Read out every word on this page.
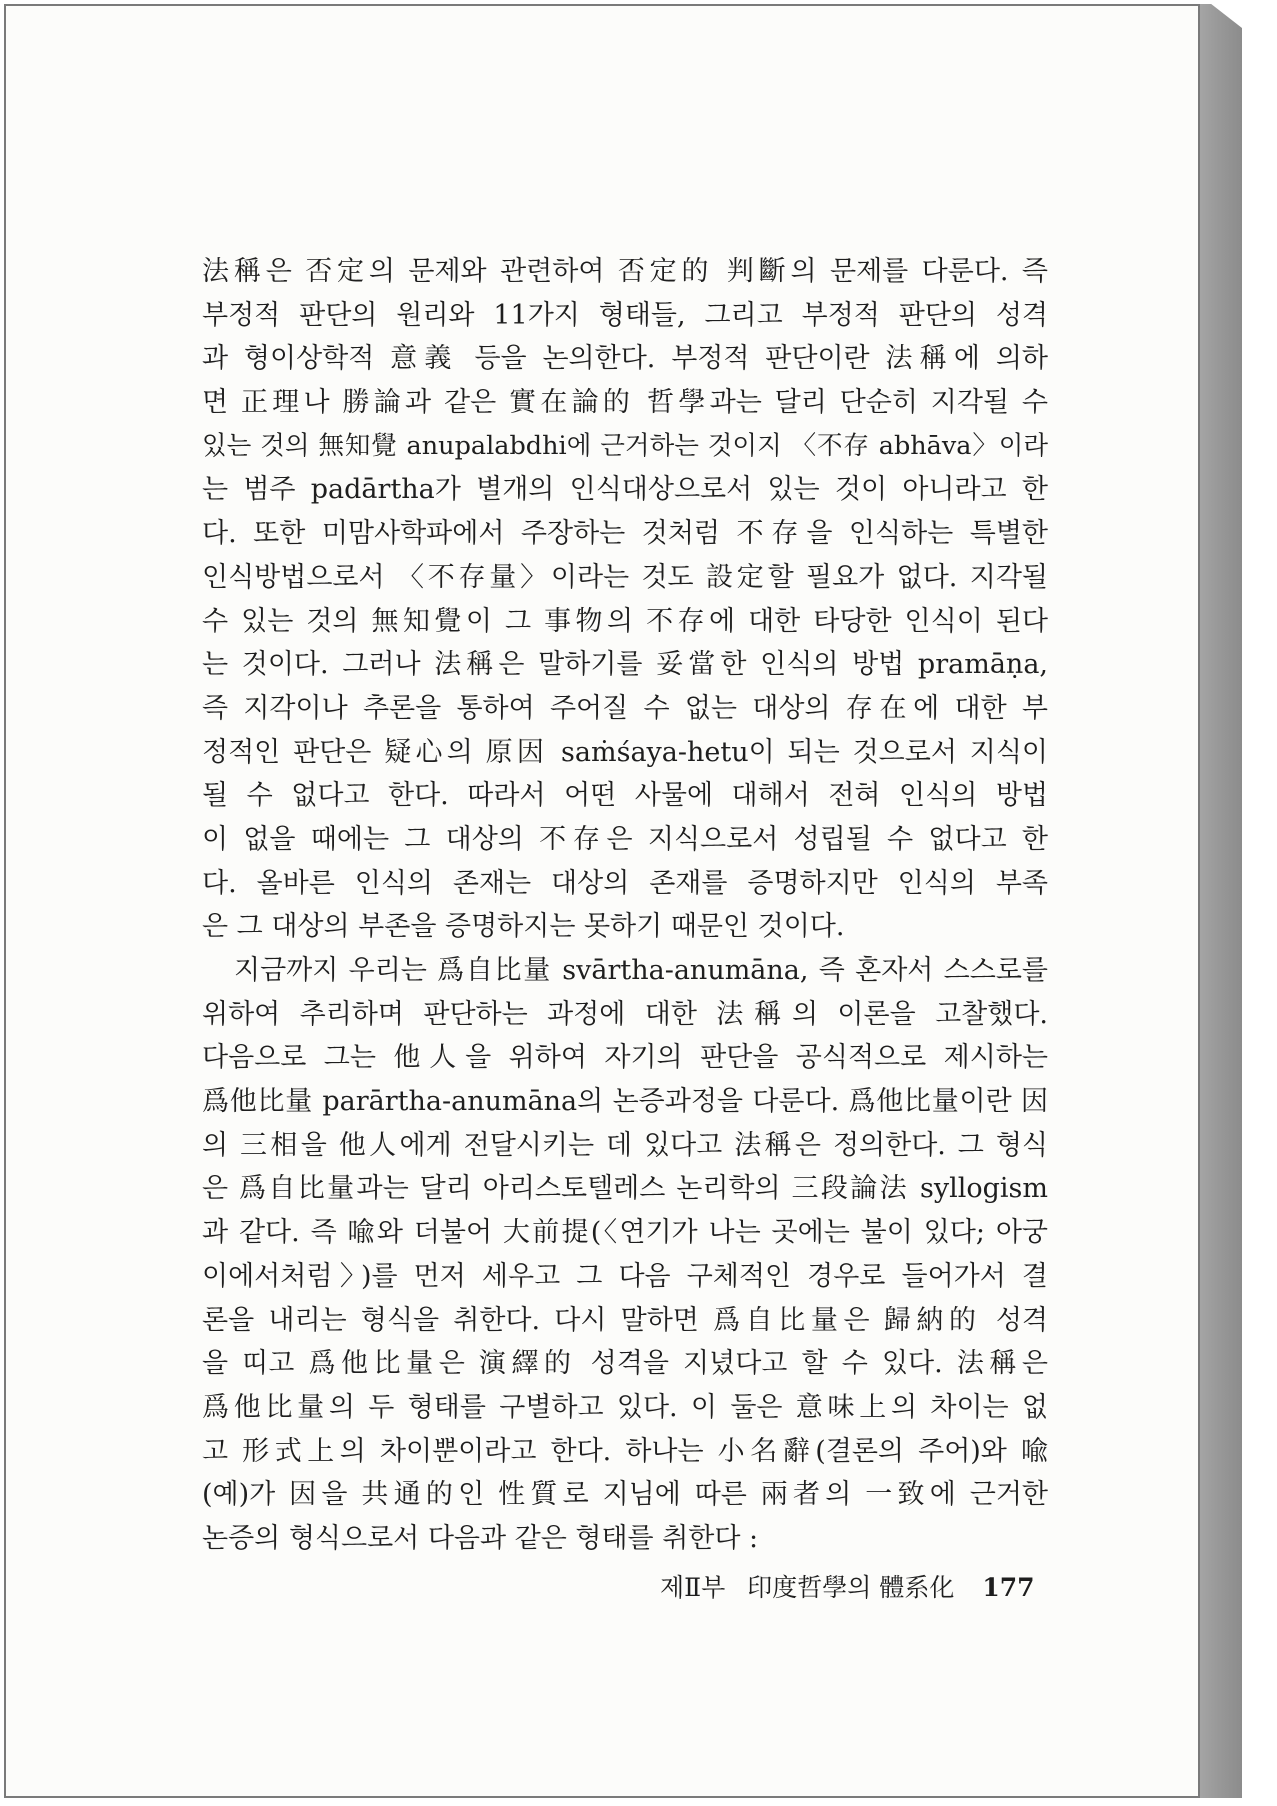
法稱은 否定의 문제와 관련하여 否定的 判斷의 문제를 다룬다. 즉
부정적 판단의 원리와 11가지 형태들, 그리고 부정적 판단의 성격
과 형이상학적 意義 등을 논의한다. 부정적 판단이란 法稱에 의하
면 正理나 勝論과 같은 實在論的 哲學과는 달리 단순히 지각될 수
있는 것의 無知覺 anupalabdhi에 근거하는 것이지 〈不存 abhāva〉이라
는 범주 padārtha가 별개의 인식대상으로서 있는 것이 아니라고 한
다. 또한 미맘사학파에서 주장하는 것처럼 不存을 인식하는 특별한
인식방법으로서 〈不存量〉이라는 것도 設定할 필요가 없다. 지각될
수 있는 것의 無知覺이 그 事物의 不存에 대한 타당한 인식이 된다
는 것이다. 그러나 法稱은 말하기를 妥當한 인식의 방법 pramāṇa,
즉 지각이나 추론을 통하여 주어질 수 없는 대상의 存在에 대한 부
정적인 판단은 疑心의 原因 saṁśaya-hetu이 되는 것으로서 지식이
될 수 없다고 한다. 따라서 어떤 사물에 대해서 전혀 인식의 방법
이 없을 때에는 그 대상의 不存은 지식으로서 성립될 수 없다고 한
다. 올바른 인식의 존재는 대상의 존재를 증명하지만 인식의 부족
은 그 대상의 부존을 증명하지는 못하기 때문인 것이다.
지금까지 우리는 爲自比量 svārtha-anumāna, 즉 혼자서 스스로를
위하여 추리하며 판단하는 과정에 대한 法稱의 이론을 고찰했다.
다음으로 그는 他人을 위하여 자기의 판단을 공식적으로 제시하는
爲他比量 parārtha-anumāna의 논증과정을 다룬다. 爲他比量이란 因
의 三相을 他人에게 전달시키는 데 있다고 法稱은 정의한다. 그 형식
은 爲自比量과는 달리 아리스토텔레스 논리학의 三段論法 syllogism
과 같다. 즉 喩와 더불어 大前提(〈연기가 나는 곳에는 불이 있다; 아궁
이에서처럼〉)를 먼저 세우고 그 다음 구체적인 경우로 들어가서 결
론을 내리는 형식을 취한다. 다시 말하면 爲自比量은 歸納的 성격
을 띠고 爲他比量은 演繹的 성격을 지녔다고 할 수 있다. 法稱은
爲他比量의 두 형태를 구별하고 있다. 이 둘은 意味上의 차이는 없
고 形式上의 차이뿐이라고 한다. 하나는 小名辭(결론의 주어)와 喩
(예)가 因을 共通的인 性質로 지님에 따른 兩者의 一致에 근거한
논증의 형식으로서 다음과 같은 형태를 취한다 :
제Ⅱ부 印度哲學의 體系化 177
